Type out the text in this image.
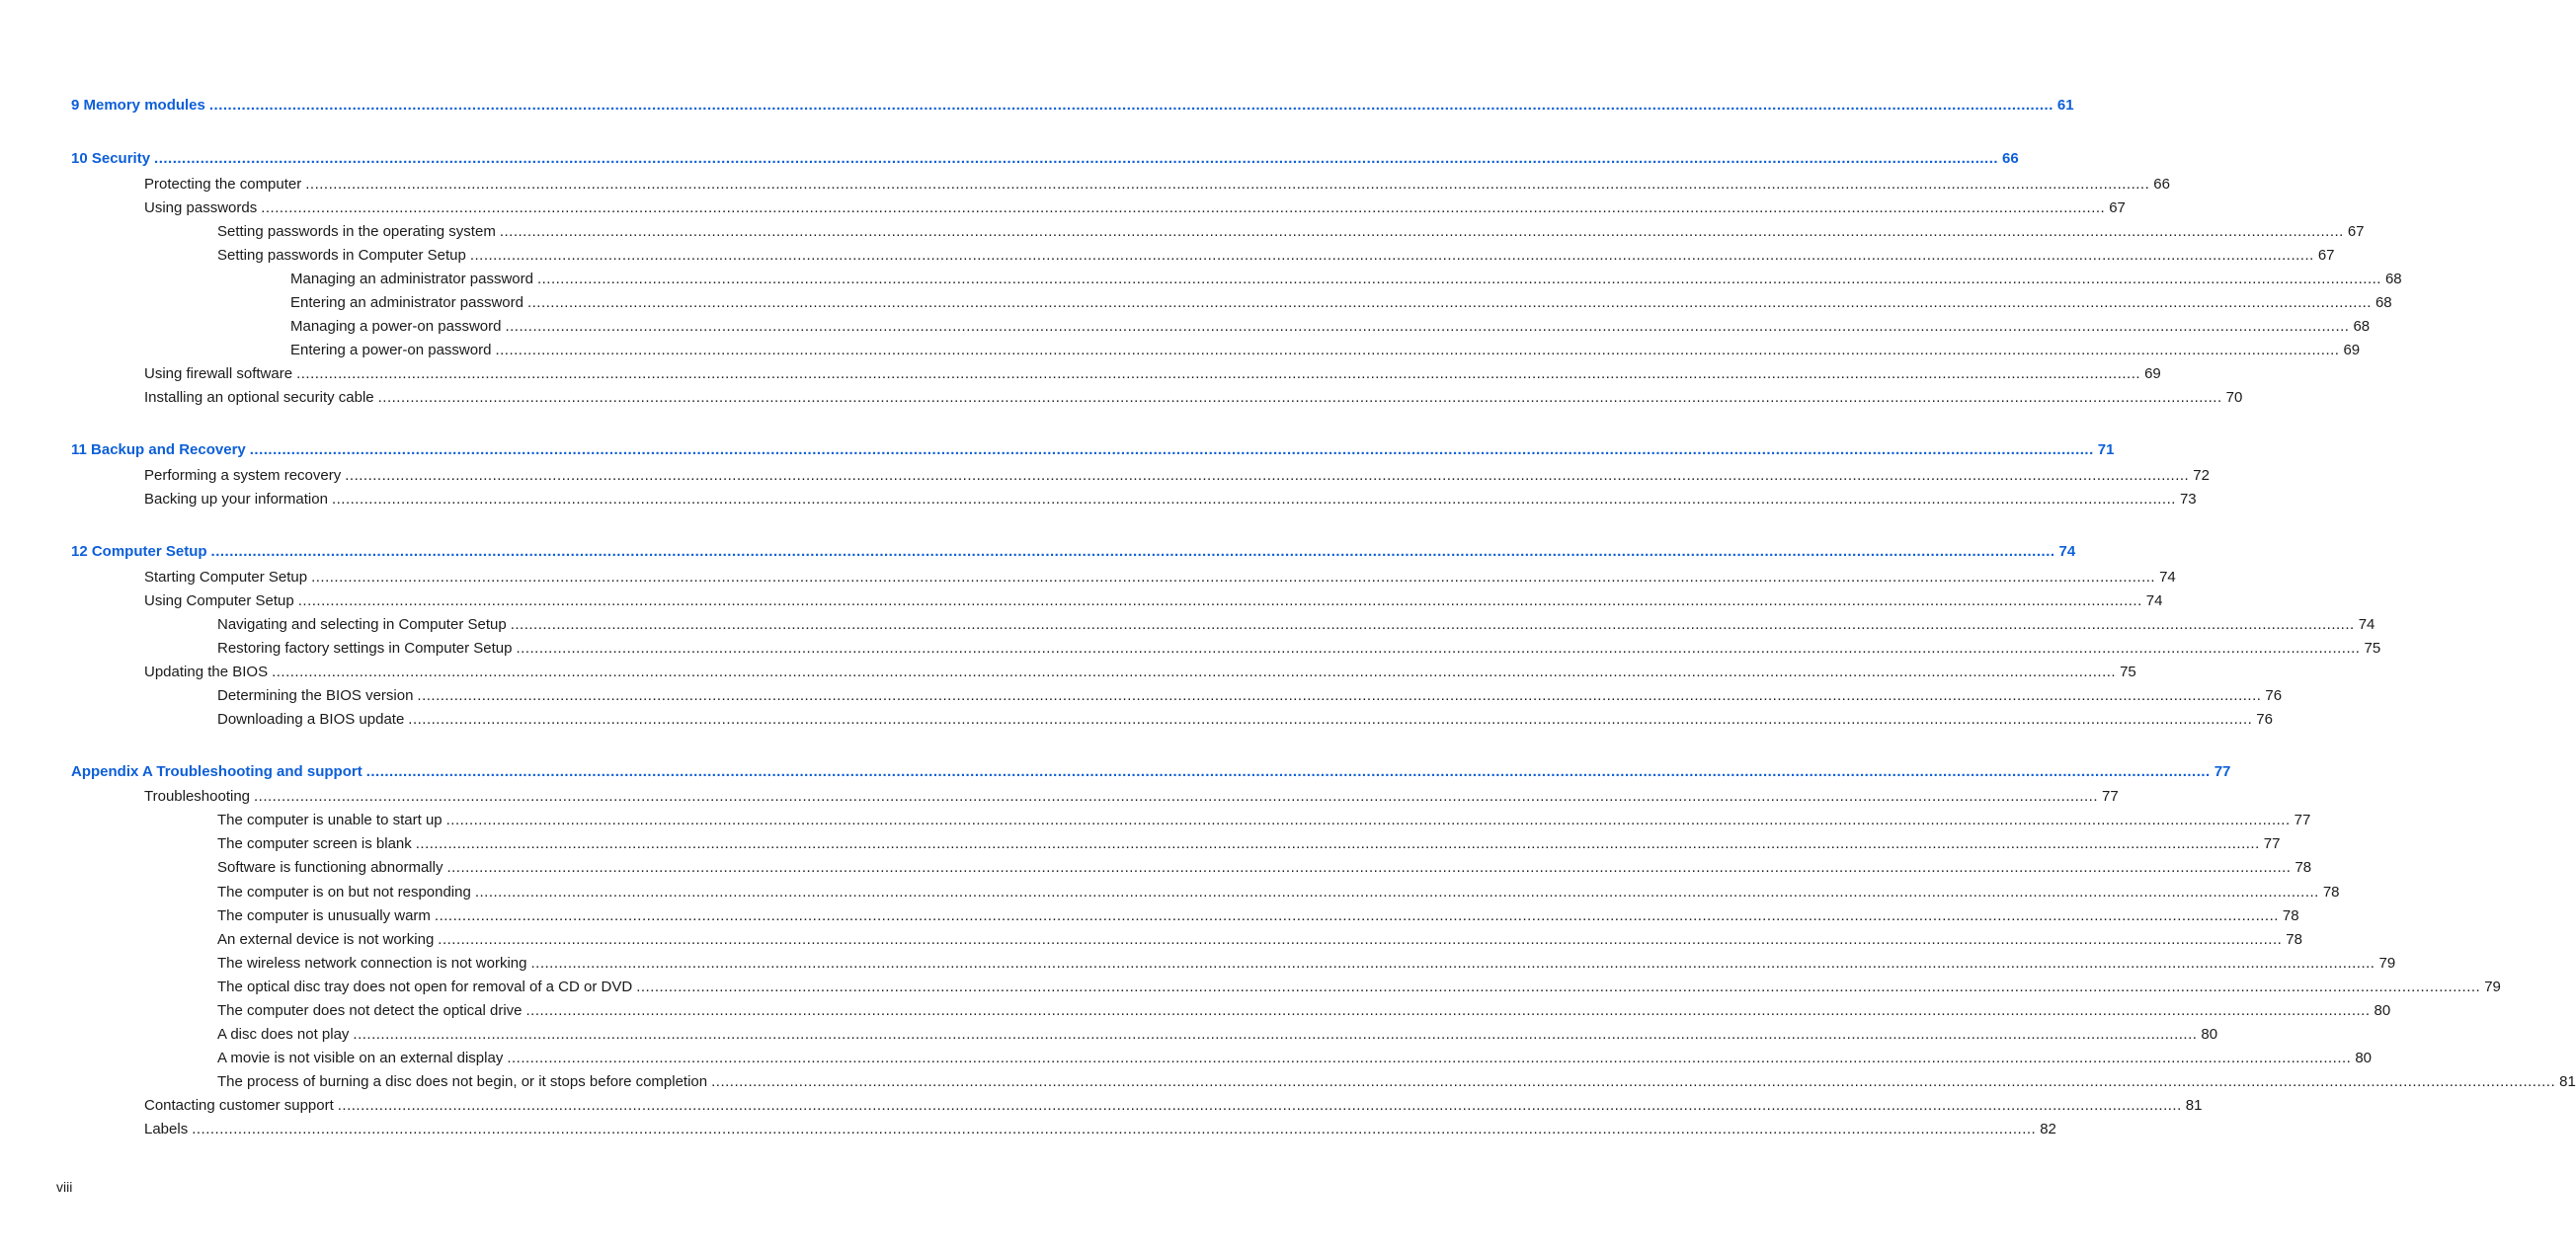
9 Memory modules ................................................................................................................................................................................................................................................................................................................................................................................................................ 61
10 Security ................................................................................................................................................................................................................................................................................................................................................................................................................ 66
Protecting the computer ................................................................................................................................................................................................................................................................................................................................................................................................................ 66
Using passwords ................................................................................................................................................................................................................................................................................................................................................................................................................ 67
Setting passwords in the operating system ................................................................................................................................................................................................................................................................................................................................................................................................................ 67
Setting passwords in Computer Setup ................................................................................................................................................................................................................................................................................................................................................................................................................ 67
Managing an administrator password ................................................................................................................................................................................................................................................................................................................................................................................................................ 68
Entering an administrator password ................................................................................................................................................................................................................................................................................................................................................................................................................ 68
Managing a power-on password ................................................................................................................................................................................................................................................................................................................................................................................................................ 68
Entering a power-on password ................................................................................................................................................................................................................................................................................................................................................................................................................ 69
Using firewall software ................................................................................................................................................................................................................................................................................................................................................................................................................ 69
Installing an optional security cable ................................................................................................................................................................................................................................................................................................................................................................................................................ 70
11 Backup and Recovery ................................................................................................................................................................................................................................................................................................................................................................................................................ 71
Performing a system recovery ................................................................................................................................................................................................................................................................................................................................................................................................................ 72
Backing up your information ................................................................................................................................................................................................................................................................................................................................................................................................................ 73
12 Computer Setup ................................................................................................................................................................................................................................................................................................................................................................................................................ 74
Starting Computer Setup ................................................................................................................................................................................................................................................................................................................................................................................................................ 74
Using Computer Setup ................................................................................................................................................................................................................................................................................................................................................................................................................ 74
Navigating and selecting in Computer Setup ................................................................................................................................................................................................................................................................................................................................................................................................................ 74
Restoring factory settings in Computer Setup ................................................................................................................................................................................................................................................................................................................................................................................................................ 75
Updating the BIOS ................................................................................................................................................................................................................................................................................................................................................................................................................ 75
Determining the BIOS version ................................................................................................................................................................................................................................................................................................................................................................................................................ 76
Downloading a BIOS update ................................................................................................................................................................................................................................................................................................................................................................................................................ 76
Appendix A Troubleshooting and support ................................................................................................................................................................................................................................................................................................................................................................................................................ 77
Troubleshooting ................................................................................................................................................................................................................................................................................................................................................................................................................ 77
The computer is unable to start up ................................................................................................................................................................................................................................................................................................................................................................................................................ 77
The computer screen is blank ................................................................................................................................................................................................................................................................................................................................................................................................................ 77
Software is functioning abnormally ................................................................................................................................................................................................................................................................................................................................................................................................................ 78
The computer is on but not responding ................................................................................................................................................................................................................................................................................................................................................................................................................ 78
The computer is unusually warm ................................................................................................................................................................................................................................................................................................................................................................................................................ 78
An external device is not working ................................................................................................................................................................................................................................................................................................................................................................................................................ 78
The wireless network connection is not working ................................................................................................................................................................................................................................................................................................................................................................................................................ 79
The optical disc tray does not open for removal of a CD or DVD ................................................................................................................................................................................................................................................................................................................................................................................................................ 79
The computer does not detect the optical drive ................................................................................................................................................................................................................................................................................................................................................................................................................ 80
A disc does not play ................................................................................................................................................................................................................................................................................................................................................................................................................ 80
A movie is not visible on an external display ................................................................................................................................................................................................................................................................................................................................................................................................................ 80
The process of burning a disc does not begin, or it stops before completion ................................................................................................................................................................................................................................................................................................................................................................................................................ 81
Contacting customer support ................................................................................................................................................................................................................................................................................................................................................................................................................ 81
Labels ................................................................................................................................................................................................................................................................................................................................................................................................................ 82
viii
